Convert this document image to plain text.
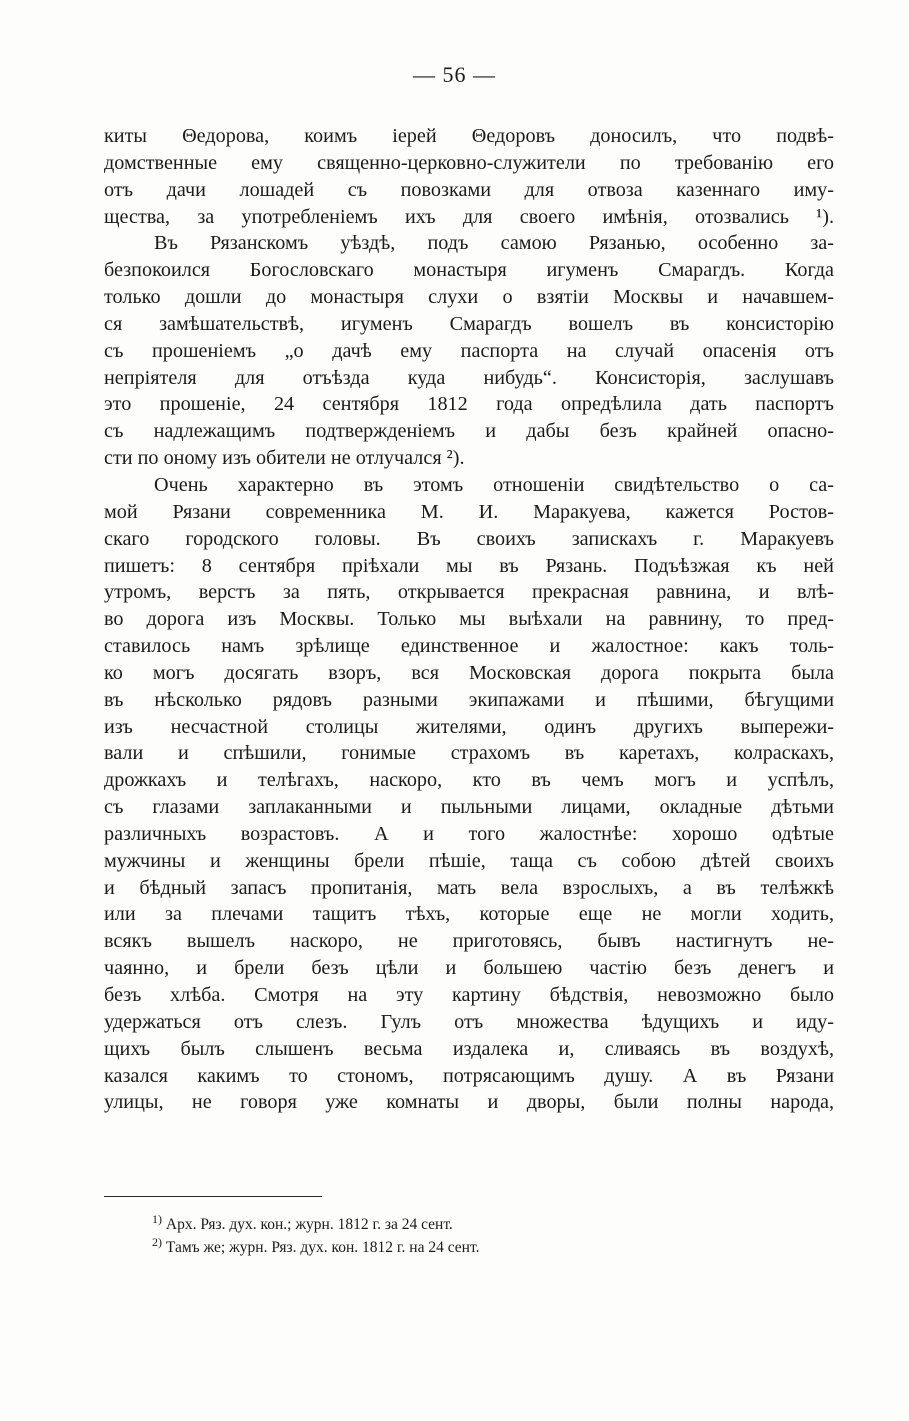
— 56 —
киты Θедорова, коимъ iерей Θедоровъ доносилъ, что подвѣ-
домственные ему священно-церковно-служители по требованiю его
отъ дачи лошадей съ повозками для отвоза казеннаго иму-
щества, за употребленiемъ ихъ для своего имѣнiя, отозвались ¹).
Въ Рязанскомъ уѣздѣ, подъ самою Рязанью, особенно за-
безпокоился Богословскаго монастыря игуменъ Смарагдъ. Когда
только дошли до монастыря слухи о взятiи Москвы и начавшем-
ся замѣшательствѣ, игуменъ Смарагдъ вошелъ въ консисторiю
съ прошенiемъ „о дачѣ ему паспорта на случай опасенiя отъ
непрiятеля для отъѣзда куда нибудь“. Консисторiя, заслушавъ
это прошенiе, 24 сентября 1812 года опредѣлила дать паспортъ
съ надлежащимъ подтвержденiемъ и дабы безъ крайней опасно-
сти по оному изъ обители не отлучался ²).
Очень характерно въ этомъ отношенiи свидѣтельство о са-
мой Рязани современника М. И. Маракуева, кажется Ростов-
скаго городского головы. Въ своихъ запискахъ г. Маракуевъ
пишетъ: 8 сентября прiѣхали мы въ Рязань. Подъѣзжая къ ней
утромъ, верстъ за пять, открывается прекрасная равнина, и влѣ-
во дорога изъ Москвы. Только мы выѣхали на равнину, то пред-
ставилось намъ зрѣлище единственное и жалостное: какъ толь-
ко могъ досягать взоръ, вся Московская дорога покрыта была
въ нѣсколько рядовъ разными экипажами и пѣшими, бѣгущими
изъ несчастной столицы жителями, одинъ другихъ выпережи-
вали и спѣшили, гонимые страхомъ въ каретахъ, колраскахъ,
дрожкахъ и телѣгахъ, наскоро, кто въ чемъ могъ и успѣлъ,
съ глазами заплаканными и пыльными лицами, окладные дѣтьми
различныхъ возрастовъ. А и того жалостнѣе: хорошо одѣтые
мужчины и женщины брели пѣшiе, таща съ собою дѣтей своихъ
и бѣдный запасъ пропитанiя, мать вела взрослыхъ, а въ телѣжкѣ
или за плечами тащитъ тѣхъ, которые еще не могли ходить,
всякъ вышелъ наскоро, не приготовясь, бывъ настигнутъ не-
чаянно, и брели безъ цѣли и большею частiю безъ денегъ и
безъ хлѣба. Смотря на эту картину бѣдствiя, невозможно было
удержаться отъ слезъ. Гулъ отъ множества ѣдущихъ и иду-
щихъ былъ слышенъ весьма издалека и, сливаясь въ воздухѣ,
казался какимъ то стономъ, потрясающимъ душу. А въ Рязани
улицы, не говоря уже комнаты и дворы, были полны народа,
$^{1)}$ Арх. Ряз. дух. кон.; журн. 1812 г. за 24 сент.
$^{2)}$ Тамъ же; журн. Ряз. дух. кон. 1812 г. на 24 сент.
